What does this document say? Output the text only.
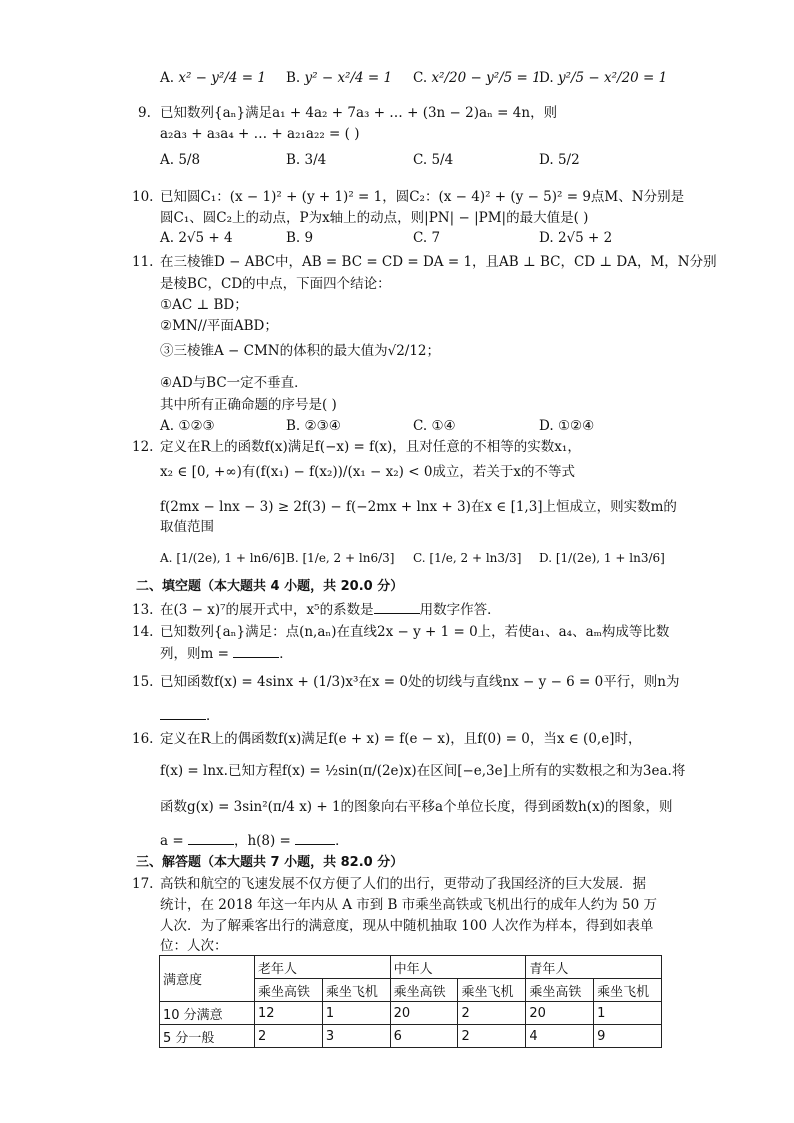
A. x² − y²/4 = 1 B. y² − x²/4 = 1 C. x²/20 − y²/5 = 1
D. y²/5 − x²/20 = 1
9. 已知数列{aₙ}满足a₁ + 4a₂ + 7a₃ + … + (3n − 2)aₙ = 4n，则
a₂a₃ + a₃a₄ + … + a₂₁a₂₂ = ( )
A. 5/8	B. 3/4	C. 5/4	D. 5/2
10. 已知圆C₁：(x − 1)² + (y + 1)² = 1，圆C₂：(x − 4)² + (y − 5)² = 9点M、N分别是
圆C₁、圆C₂上的动点，P为x轴上的动点，则|PN| − |PM|的最大值是( )
A. 2√5 + 4	B. 9	C. 7	D. 2√5 + 2
11. 在三棱锥D − ABC中，AB = BC = CD = DA = 1，且AB ⊥ BC，CD ⊥ DA，M，N分别
是棱BC，CD的中点，下面四个结论：
①AC ⊥ BD；
②MN//平面ABD；
③三棱锥A − CMN的体积的最大值为√2/12；
④AD与BC一定不垂直．
其中所有正确命题的序号是( )
A. ①②③	B. ②③④	C. ①④	D. ①②④
12. 定义在R上的函数f(x)满足f(−x) = f(x)，且对任意的不相等的实数x₁，
x₂ ∈ [0, +∞)有(f(x₁) − f(x₂))/(x₁ − x₂) < 0成立，若关于x的不等式
f(2mx − lnx − 3) ≥ 2f(3) − f(−2mx + lnx + 3)在x ∈ [1,3]上恒成立，则实数m的
取值范围
A. [1/(2e), 1 + ln6/6] B. [1/e, 2 + ln6/3] C. [1/e, 2 + ln3/3] D. [1/(2e), 1 + ln3/6]
二、填空题（本大题共 4 小题，共 20.0 分）
13. 在(3 − x)⁷的展开式中，x⁵的系数是	用数字作答．
14. 已知数列{aₙ}满足：点(n,aₙ)在直线2x − y + 1 = 0上，若使a₁、a₄、aₘ构成等比数
列，则m =	．
15. 已知函数f(x) = 4sinx + (1/3)x³在x = 0处的切线与直线nx − y − 6 = 0平行，则n为
．
16. 定义在R上的偶函数f(x)满足f(e + x) = f(e − x)，且f(0) = 0，当x ∈ (0,e]时，
f(x) = lnx.已知方程f(x) = ½sin(π/(2e)x)在区间[−e,3e]上所有的实数根之和为3ea.将
函数g(x) = 3sin²(π/4 x) + 1的图象向右平移a个单位长度，得到函数h(x)的图象，则
a =	，h(8) =	．
三、解答题（本大题共 7 小题，共 82.0 分）
17. 高铁和航空的飞速发展不仅方便了人们的出行，更带动了我国经济的巨大发展．据
统计，在 2018 年这一年内从 A 市到 B 市乘坐高铁或飞机出行的成年人约为 50 万
人次．为了解乘客出行的满意度，现从中随机抽取 100 人次作为样本，得到如表单
位：人次：
满意度	老年人		中年人		青年人	
	乘坐高铁	乘坐飞机	乘坐高铁	乘坐飞机	乘坐高铁	乘坐飞机
10 分满意	12	1	20	2	20	1
5 分一般	2	3	6	2	4	9
